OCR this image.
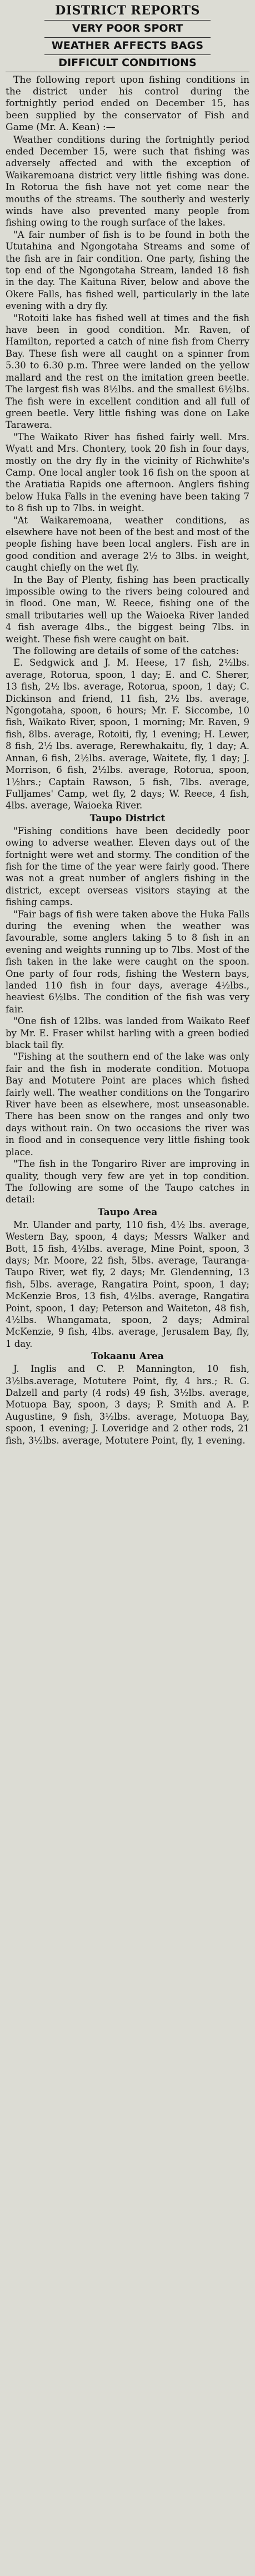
DISTRICT REPORTS
VERY POOR SPORT
WEATHER AFFECTS BAGS
DIFFICULT CONDITIONS

The following report upon fishing conditions in the district under his control during the fortnightly period ended on December 15, has been supplied by the conservator of Fish and Game (Mr. A. Kean) :—

Weather conditions during the fortnightly period ended December 15, were such that fishing was adversely affected and with the exception of Waikaremoana district very little fishing was done. In Rotorua the fish have not yet come near the mouths of the streams. The southerly and westerly winds have also prevented many people from fishing owing to the rough surface of the lakes.

"A fair number of fish is to be found in both the Ututahina and Ngongotaha Streams and some of the fish are in fair condition. One party, fishing the top end of the Ngongotaha Stream, landed 18 fish in the day. The Kaituna River, below and above the Okere Falls, has fished well, particularly in the late evening with a dry fly.

"Rotoiti lake has fished well at times and the fish have been in good condition. Mr. Raven, of Hamilton, reported a catch of nine fish from Cherry Bay. These fish were all caught on a spinner from 5.30 to 6.30 p.m. Three were landed on the yellow mallard and the rest on the imitation green beetle. The largest fish was 8½lbs. and the smallest 6½lbs. The fish were in excellent condition and all full of green beetle. Very little fishing was done on Lake Tarawera.

"The Waikato River has fished fairly well. Mrs. Wyatt and Mrs. Chontery, took 20 fish in four days, mostly on the dry fly in the vicinity of Richwhite's Camp. One local angler took 16 fish on the spoon at the Aratiatia Rapids one afternoon. Anglers fishing below Huka Falls in the evening have been taking 7 to 8 fish up to 7lbs. in weight.

"At Waikaremoana, weather conditions, as elsewhere have not been of the best and most of the people fishing have been local anglers. Fish are in good condition and average 2½ to 3lbs. in weight, caught chiefly on the wet fly.

In the Bay of Plenty, fishing has been practically impossible owing to the rivers being coloured and in flood. One man, W. Reece, fishing one of the small tributaries well up the Waioeka River landed 4 fish average 4lbs., the biggest being 7lbs. in weight. These fish were caught on bait.

The following are details of some of the catches:

E. Sedgwick and J. M. Heese, 17 fish, 2½lbs. average, Rotorua, spoon, 1 day; E. and C. Sherer, 13 fish, 2½ lbs. average, Rotorua, spoon, 1 day; C. Dickinson and friend, 11 fish, 2½ lbs. average, Ngongotaha, spoon, 6 hours; Mr. F. Siccombe, 10 fish, Waikato River, spoon, 1 morning; Mr. Raven, 9 fish, 8lbs. average, Rotoiti, fly, 1 evening; H. Lewer, 8 fish, 2½ lbs. average, Rerewhakaitu, fly, 1 day; A. Annan, 6 fish, 2½lbs. average, Waitete, fly, 1 day; J. Morrison, 6 fish, 2½lbs. average, Rotorua, spoon, 1½hrs.; Captain Rawson, 5 fish, 7lbs. average, Fulljames' Camp, wet fly, 2 days; W. Reece, 4 fish, 4lbs. average, Waioeka River.

Taupo District

"Fishing conditions have been decidedly poor owing to adverse weather. Eleven days out of the fortnight were wet and stormy. The condition of the fish for the time of the year were fairly good. There was not a great number of anglers fishing in the district, except overseas visitors staying at the fishing camps.

"Fair bags of fish were taken above the Huka Falls during the evening when the weather was favourable, some anglers taking 5 to 8 fish in an evening and weights running up to 7lbs. Most of the fish taken in the lake were caught on the spoon. One party of four rods, fishing the Western bays, landed 110 fish in four days, average 4½lbs., heaviest 6½lbs. The condition of the fish was very fair.

"One fish of 12lbs. was landed from Waikato Reef by Mr. E. Fraser whilst harling with a green bodied black tail fly.

"Fishing at the southern end of the lake was only fair and the fish in moderate condition. Motuopa Bay and Motutere Point are places which fished fairly well. The weather conditions on the Tongariro River have been as elsewhere, most unseasonable. There has been snow on the ranges and only two days without rain. On two occasions the river was in flood and in consequence very little fishing took place.

"The fish in the Tongariro River are improving in quality, though very few are yet in top condition. The following are some of the Taupo catches in detail:

Taupo Area

Mr. Ulander and party, 110 fish, 4½ lbs. average, Western Bay, spoon, 4 days; Messrs Walker and Bott, 15 fish, 4½lbs. average, Mine Point, spoon, 3 days; Mr. Moore, 22 fish, 5lbs. average, Tauranga-Taupo River, wet fly, 2 days; Mr. Glendenning, 13 fish, 5lbs. average, Rangatira Point, spoon, 1 day; McKenzie Bros, 13 fish, 4½lbs. average, Rangatira Point, spoon, 1 day; Peterson and Waiteton, 48 fish, 4½lbs. Whangamata, spoon, 2 days; Admiral McKenzie, 9 fish, 4lbs. average, Jerusalem Bay, fly, 1 day.

Tokaanu Area

J. Inglis and C. P. Mannington, 10 fish, 3½lbs.average, Motutere Point, fly, 4 hrs.; R. G. Dalzell and party (4 rods) 49 fish, 3½lbs. average, Motuopa Bay, spoon, 3 days; P. Smith and A. P. Augustine, 9 fish, 3½lbs. average, Motuopa Bay, spoon, 1 evening; J. Loveridge and 2 other rods, 21 fish, 3½lbs. average, Motutere Point, fly, 1 evening.
